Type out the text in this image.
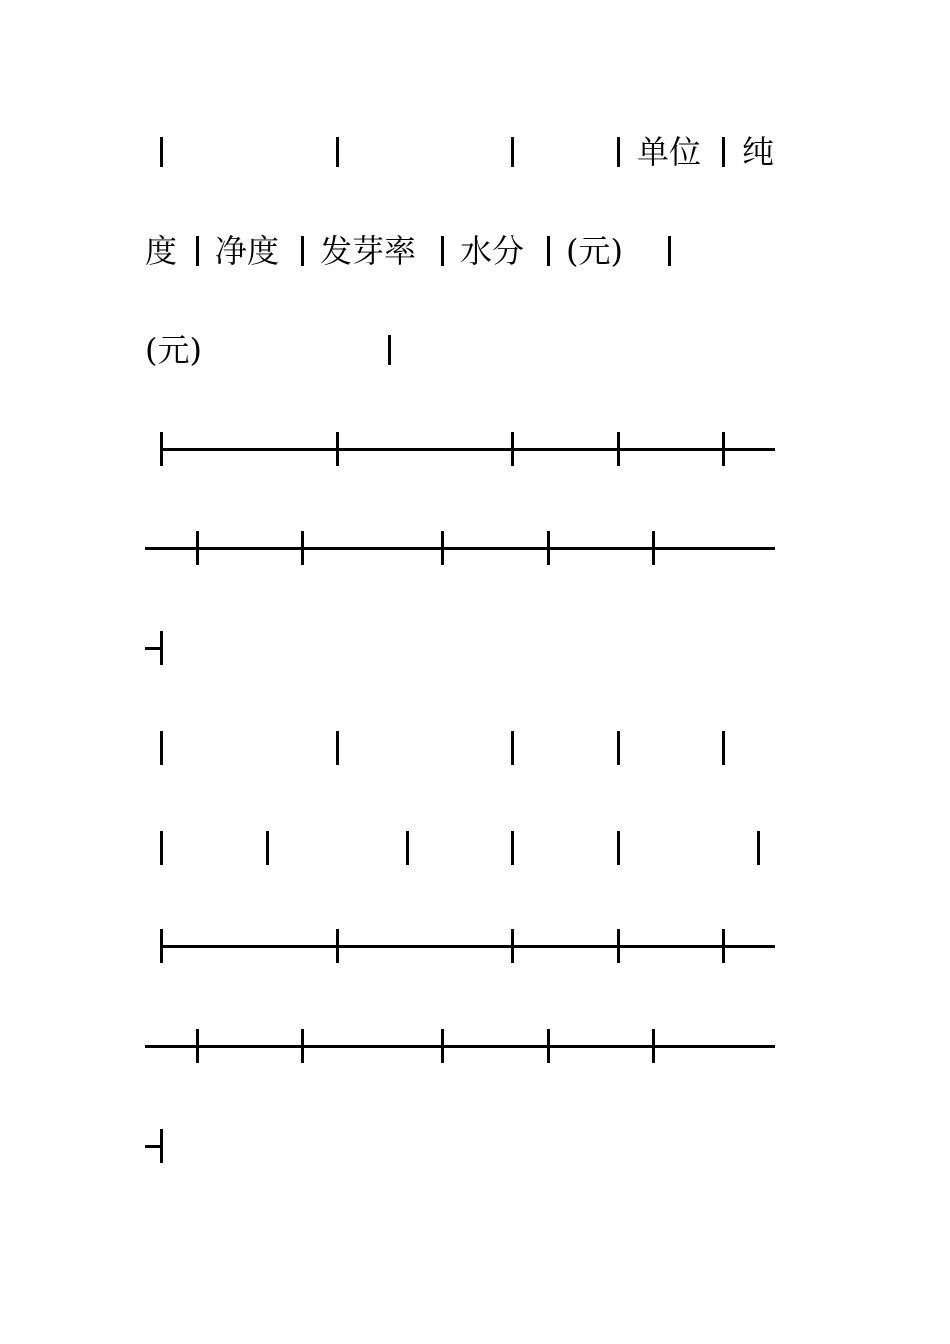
单位 纯
度 净度 发芽率 水分 (元)
(元)
